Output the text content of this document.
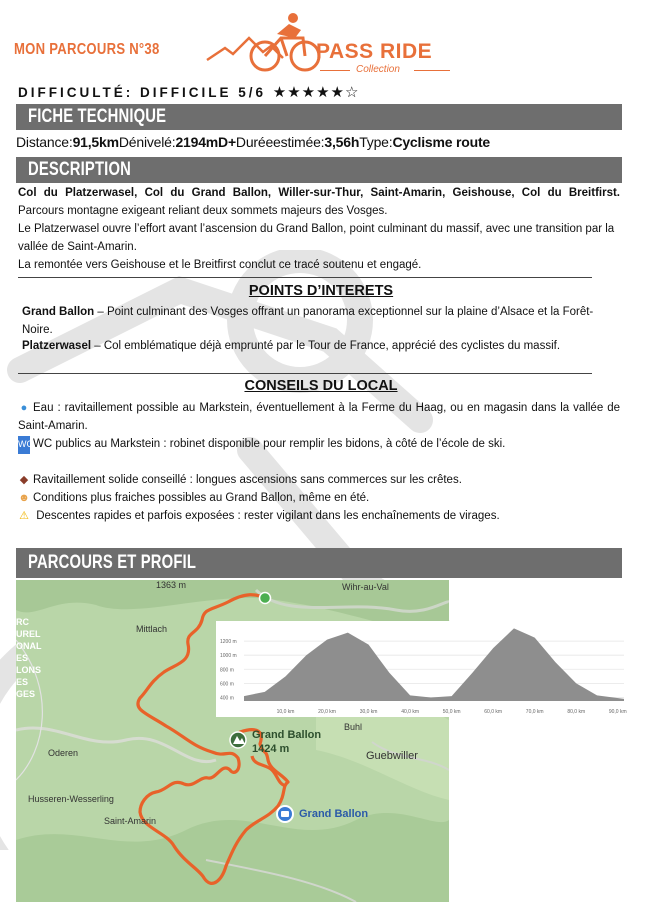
MON PARCOURS N°38	PASS RIDE
Collection
DIFFICULTÉ: DIFFICILE 5/6 ★★★★★☆
FICHE TECHNIQUE
Distance:91,5kmDénivelé:2194mD+Duréeestimée:3,56hType:Cyclisme route
DESCRIPTION
Col du Platzerwasel, Col du Grand Ballon, Willer-sur-Thur, Saint-Amarin, Geishouse, Col du Breitfirst. Parcours montagne exigeant reliant deux sommets majeurs des Vosges.
Le Platzerwasel ouvre l’effort avant l’ascension du Grand Ballon, point culminant du massif, avec une transition par la vallée de Saint-Amarin.
La remontée vers Geishouse et le Breitfirst conclut ce tracé soutenu et engagé.
POINTS D’INTERETS
Grand Ballon – Point culminant des Vosges offrant un panorama exceptionnel sur la plaine d’Alsace et la Forêt-Noire.
Platzerwasel – Col emblématique déjà emprunté par le Tour de France, apprécié des cyclistes du massif.
CONSEILS DU LOCAL
● Eau : ravitaillement possible au Markstein, éventuellement à la Ferme du Haag, ou en magasin dans la vallée de Saint-Amarin.
WCWC publics au Markstein : robinet disponible pour remplir les bidons, à côté de l’école de ski.
◆ Ravitaillement solide conseillé : longues ascensions sans commerces sur les crêtes.
☻ Conditions plus fraiches possibles au Grand Ballon, même en été.
⚠ Descentes rapides et parfois exposées : rester vigilant dans les enchaînements de virages.
PARCOURS ET PROFIL
Wihr-au-Val
1363 m
Mittlach
Buhl
Oderen	Guebwiller
Husseren-Wesserling
Saint-Amarin
Grand Ballon
1424 m
Grand Ballon
RC
UREL
ONAL
ES
LONS
ES
GES
1200 m
1000 m
800 m
600 m
400 m
10,0 km	20,0 km	30,0 km	40,0 km	50,0 km	60,0 km	70,0 km	80,0 km	90,0 km
